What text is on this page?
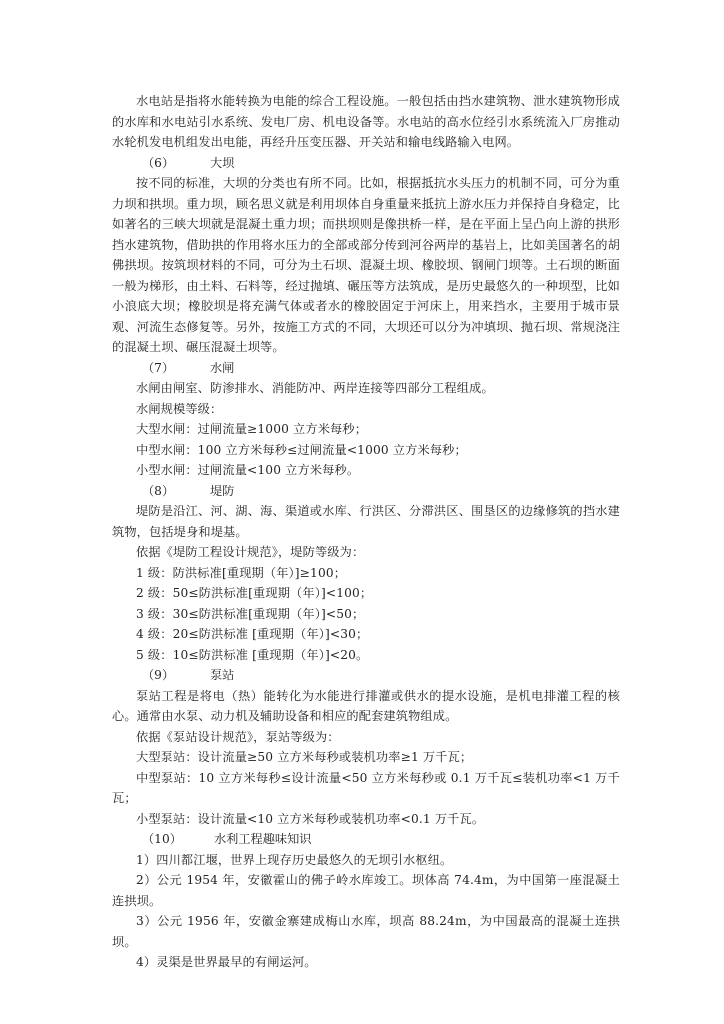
水电站是指将水能转换为电能的综合工程设施。一般包括由挡水建筑物、泄水建筑物形成的水库和水电站引水系统、发电厂房、机电设备等。水电站的高水位经引水系统流入厂房推动水轮机发电机组发出电能，再经升压变压器、开关站和输电线路输入电网。

（6）	大坝

按不同的标准，大坝的分类也有所不同。比如，根据抵抗水头压力的机制不同，可分为重力坝和拱坝。重力坝，顾名思义就是利用坝体自身重量来抵抗上游水压力并保持自身稳定，比如著名的三峡大坝就是混凝土重力坝；而拱坝则是像拱桥一样，是在平面上呈凸向上游的拱形挡水建筑物，借助拱的作用将水压力的全部或部分传到河谷两岸的基岩上，比如美国著名的胡佛拱坝。按筑坝材料的不同，可分为土石坝、混凝土坝、橡胶坝、钢闸门坝等。土石坝的断面一般为梯形，由土料、石料等，经过抛填、碾压等方法筑成，是历史最悠久的一种坝型，比如小浪底大坝；橡胶坝是将充满气体或者水的橡胶固定于河床上，用来挡水，主要用于城市景观、河流生态修复等。另外，按施工方式的不同，大坝还可以分为冲填坝、抛石坝、常规浇注的混凝土坝、碾压混凝土坝等。

（7）	水闸

水闸由闸室、防渗排水、消能防冲、两岸连接等四部分工程组成。

水闸规模等级：

大型水闸：过闸流量≥1000 立方米每秒；

中型水闸：100 立方米每秒≤过闸流量<1000 立方米每秒；

小型水闸：过闸流量<100 立方米每秒。

（8）	堤防

堤防是沿江、河、湖、海、渠道或水库、行洪区、分滞洪区、围垦区的边缘修筑的挡水建筑物，包括堤身和堤基。

依据《堤防工程设计规范》，堤防等级为：

1 级：防洪标准[重现期（年）]≥100；

2 级：50≤防洪标准[重现期（年）]<100；

3 级：30≤防洪标准[重现期（年）]<50；

4 级：20≤防洪标准 [重现期（年）]<30；

5 级：10≤防洪标准 [重现期（年）]<20。

（9）	泵站

泵站工程是将电（热）能转化为水能进行排灌或供水的提水设施，是机电排灌工程的核心。通常由水泵、动力机及辅助设备和相应的配套建筑物组成。

依据《泵站设计规范》，泵站等级为：

大型泵站：设计流量≥50 立方米每秒或装机功率≥1 万千瓦；

中型泵站：10 立方米每秒≤设计流量<50 立方米每秒或 0.1 万千瓦≤装机功率<1 万千瓦；

小型泵站：设计流量<10 立方米每秒或装机功率<0.1 万千瓦。

（10）	水利工程趣味知识

1）四川都江堰，世界上现存历史最悠久的无坝引水枢纽。

2）公元 1954 年，安徽霍山的佛子岭水库竣工。坝体高 74.4m，为中国第一座混凝土连拱坝。

3）公元 1956 年，安徽金寨建成梅山水库，坝高 88.24m，为中国最高的混凝土连拱坝。

4）灵渠是世界最早的有闸运河。
